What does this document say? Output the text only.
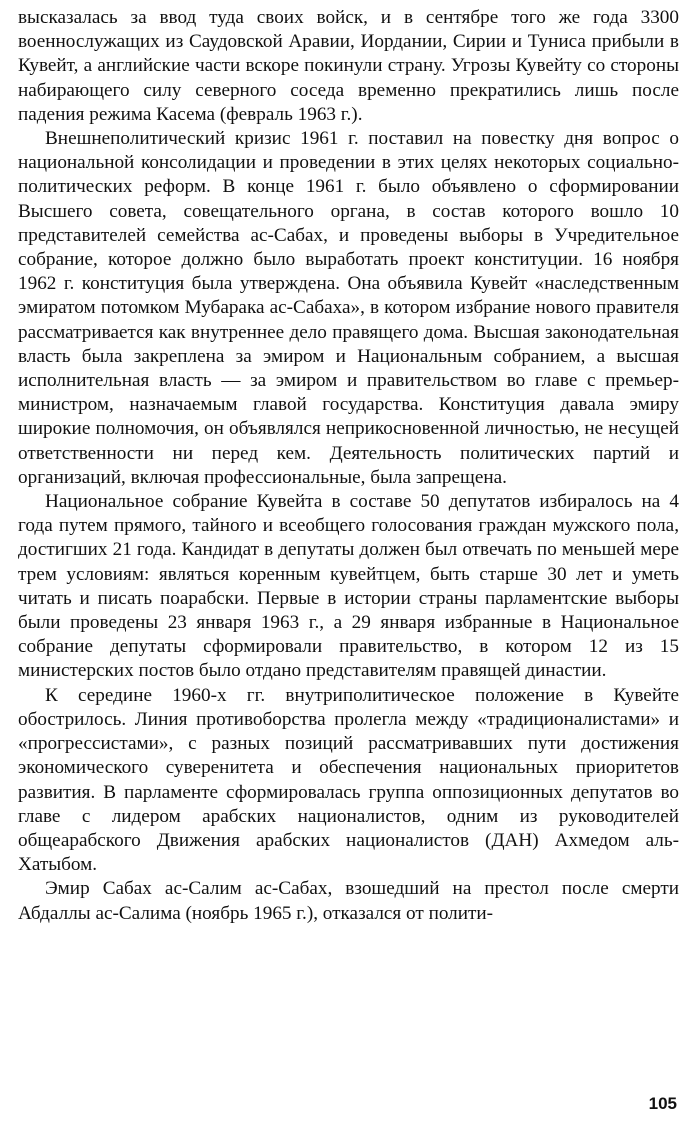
высказалась за ввод туда своих войск, и в сентябре того же года 3300 военнослужащих из Саудовской Аравии, Иордании, Сирии и Туниса прибыли в Кувейт, а английские части вскоре покинули страну. Угрозы Кувейту со стороны набирающего силу северного соседа временно прекратились лишь после падения режима Касема (февраль 1963 г.).

Внешнеполитический кризис 1961 г. поставил на повестку дня вопрос о национальной консолидации и проведении в этих целях некоторых социально-политических реформ. В конце 1961 г. было объявлено о сформировании Высшего совета, совещательного органа, в состав которого вошло 10 представителей семейства ас-Сабах, и проведены выборы в Учредительное собрание, которое должно было выработать проект конституции. 16 ноября 1962 г. конституция была утверждена. Она объявила Кувейт «наследственным эмиратом потомком Мубарака ас-Сабаха», в котором избрание нового правителя рассматривается как внутреннее дело правящего дома. Высшая законодательная власть была закреплена за эмиром и Национальным собранием, а высшая исполнительная власть — за эмиром и правительством во главе с премьер-министром, назначаемым главой государства. Конституция давала эмиру широкие полномочия, он объявлялся неприкосновенной личностью, не несущей ответственности ни перед кем. Деятельность политических партий и организаций, включая профессиональные, была запрещена.

Национальное собрание Кувейта в составе 50 депутатов избиралось на 4 года путем прямого, тайного и всеобщего голосования граждан мужского пола, достигших 21 года. Кандидат в депутаты должен был отвечать по меньшей мере трем условиям: являться коренным кувейтцем, быть старше 30 лет и уметь читать и писать поарабски. Первые в истории страны парламентские выборы были проведены 23 января 1963 г., а 29 января избранные в Национальное собрание депутаты сформировали правительство, в котором 12 из 15 министерских постов было отдано представителям правящей династии.

К середине 1960-х гг. внутриполитическое положение в Кувейте обострилось. Линия противоборства пролегла между «традиционалистами» и «прогрессистами», с разных позиций рассматривавших пути достижения экономического суверенитета и обеспечения национальных приоритетов развития. В парламенте сформировалась группа оппозиционных депутатов во главе с лидером арабских националистов, одним из руководителей общеарабского Движения арабских националистов (ДАН) Ахмедом аль-Хатыбом.

Эмир Сабах ас-Салим ас-Сабах, взошедший на престол после смерти Абдаллы ас-Салима (ноябрь 1965 г.), отказался от полити-

105
